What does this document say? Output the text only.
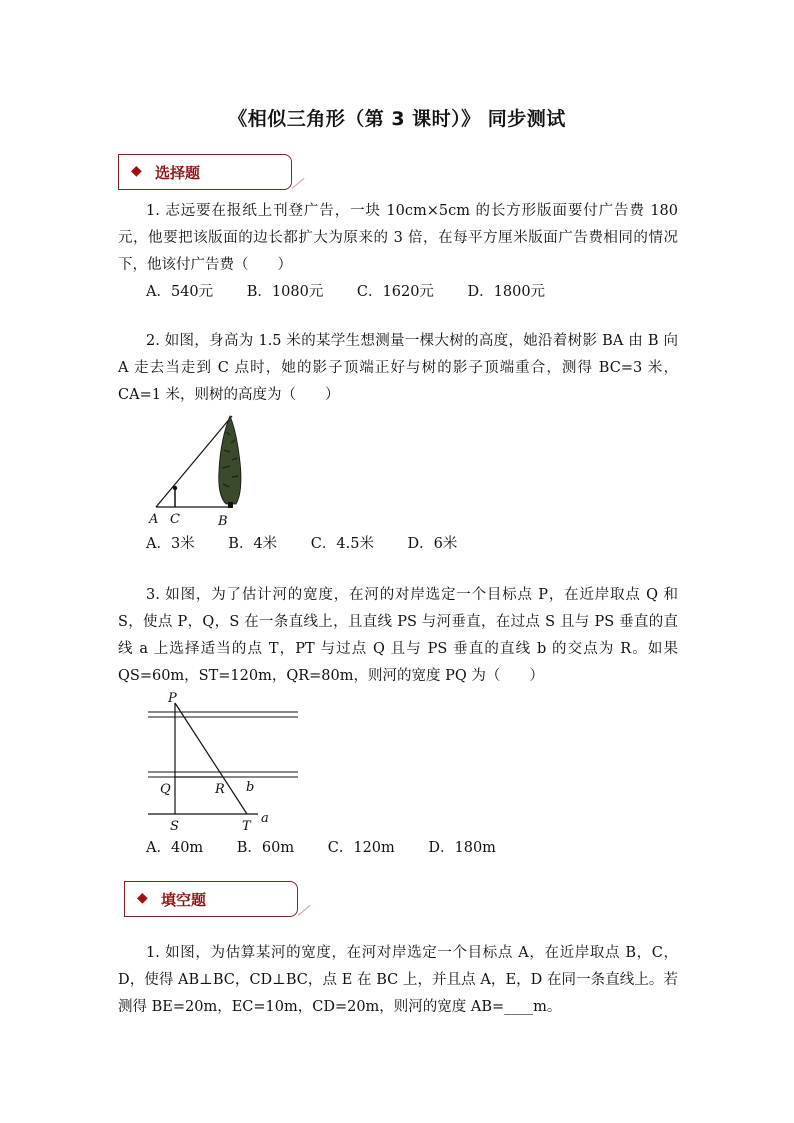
《相似三角形（第 3 课时）》 同步测试
◆ 选择题
1. 志远要在报纸上刊登广告，一块 10cm×5cm 的长方形版面要付广告费 180 元，他要把该版面的边长都扩大为原来的 3 倍，在每平方厘米版面广告费相同的情况下，他该付广告费（　　）
A．540元　　 B．1080元　　 C．1620元　　 D．1800元
2. 如图，身高为 1.5 米的某学生想测量一棵大树的高度，她沿着树影 BA 由 B 向 A 走去当走到 C 点时，她的影子顶端正好与树的影子顶端重合，测得 BC=3 米，CA=1 米，则树的高度为（　　）
A C	B
A．3米　　 B．4米　　 C．4.5米　　 D．6米
3. 如图，为了估计河的宽度，在河的对岸选定一个目标点 P，在近岸取点 Q 和 S，使点 P，Q，S 在一条直线上，且直线 PS 与河垂直，在过点 S 且与 PS 垂直的直线 a 上选择适当的点 T，PT 与过点 Q 且与 PS 垂直的直线 b 的交点为 R。如果 QS=60m，ST=120m，QR=80m，则河的宽度 PQ 为（　　）
P
Q	R b
S	T
a
A．40m　　 B．60m　　 C．120m　　 D．180m
◆ 填空题
1. 如图，为估算某河的宽度，在河对岸选定一个目标点 A，在近岸取点 B，C，D，使得 AB⊥BC，CD⊥BC，点 E 在 BC 上，并且点 A，E，D 在同一条直线上。若测得 BE=20m，EC=10m，CD=20m，则河的宽度 AB=____m。
